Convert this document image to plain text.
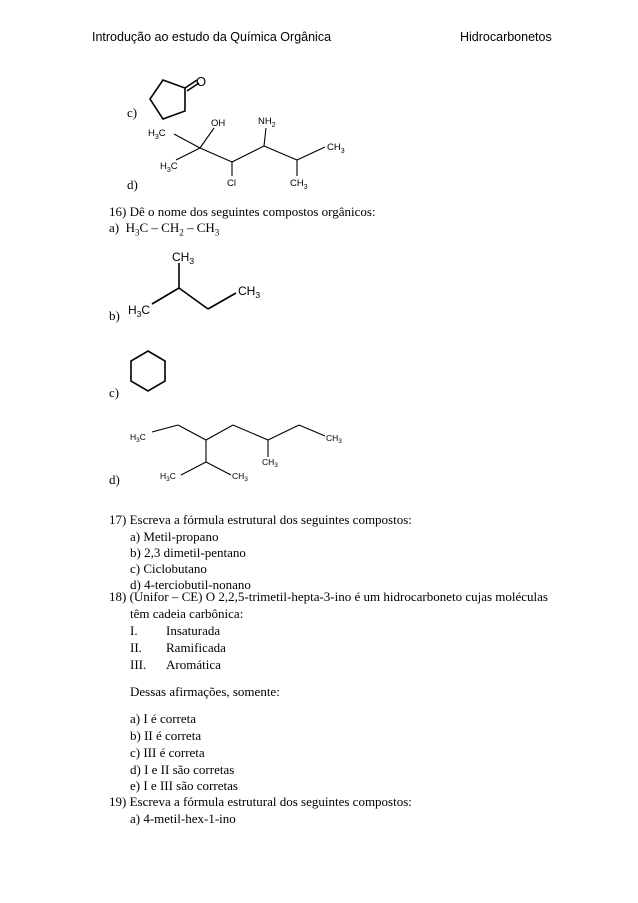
Introdução ao estudo da Química Orgânica	Hidrocarbonetos
c)
O
OH	$NH_2$
$H_3C$
$H_3C$
Cl
$CH_3$
$CH_3$
$CH_3$
$CH_3$
$H_3C$
$H_3C$	$CH_3$
$CH_3$
$H_3C$	$CH_3$
d)
16) Dê o nome dos seguintes compostos orgânicos:
a) $H_3C - CH_2 - CH_3$
b)
c)
d)
17) Escreva a fórmula estrutural dos seguintes compostos:
a) Metil-propano
b) 2,3 dimetil-pentano
c) Ciclobutano
d) 4-terciobutil-nonano
18) (Unifor – CE) O 2,2,5-trimetil-hepta-3-ino é um hidrocarboneto cujas moléculas
têm cadeia carbônica:
I. Insaturada
II. Ramificada
III. Aromática
Dessas afirmações, somente:
a) I é correta
b) II é correta
c) III é correta
d) I e II são corretas
e) I e III são corretas
19) Escreva a fórmula estrutural dos seguintes compostos:
a) 4-metil-hex-1-ino
